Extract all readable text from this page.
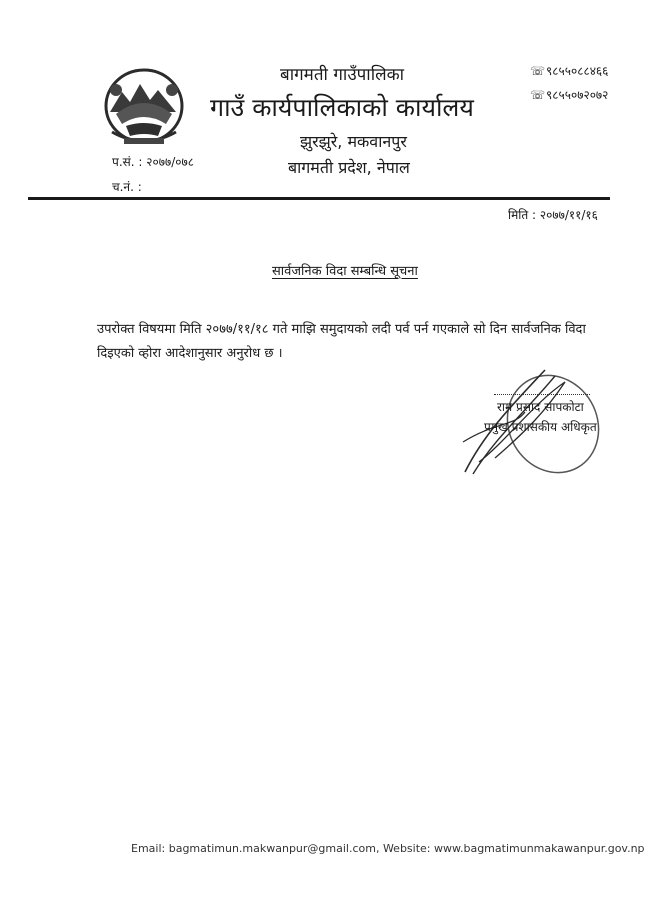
बागमती गाउँपालिका
गाउँ कार्यपालिकाको कार्यालय
झुरझुरे, मकवानपुर
बागमती प्रदेश, नेपाल
☏९८५५०८८४६६
☏९८५५०७२०७२
प.सं. : २०७७/०७८
च.नं. :
मिति : २०७७/११/१६
सार्वजनिक विदा सम्बन्धि सूचना
उपरोक्त विषयमा मिति २०७७/११/१८ गते माझि समुदायको लदी पर्व पर्न गएकाले सो दिन सार्वजनिक विदा दिइएको व्होरा आदेशानुसार अनुरोध छ ।
राम प्रसाद सापकोटा
प्रमुख प्रशासकीय अधिकृत
Email: bagmatimun.makwanpur@gmail.com, Website: www.bagmatimunmakawanpur.gov.np
